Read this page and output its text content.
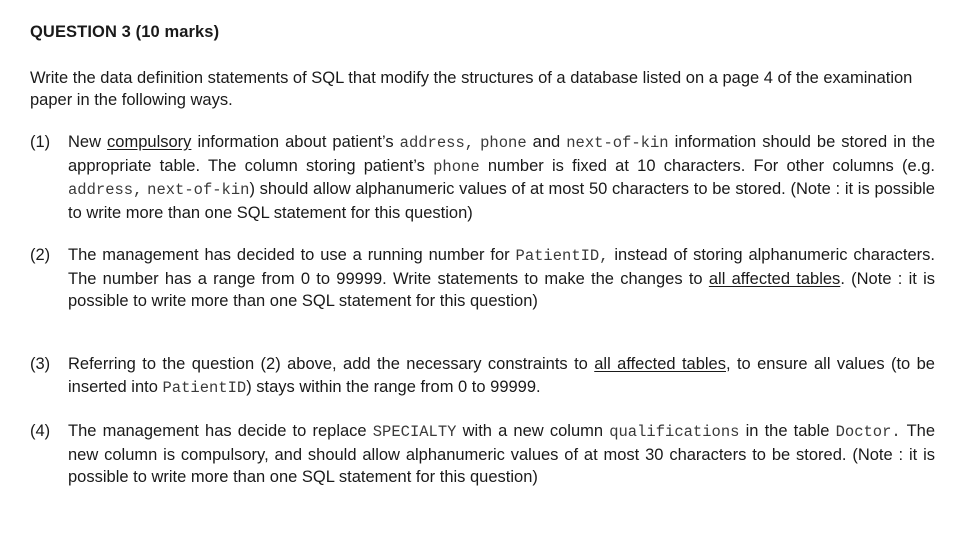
QUESTION 3 (10 marks)
Write the data definition statements of SQL that modify the structures of a database listed on a page 4 of the examination paper in the following ways.
(1)	New compulsory information about patient’s address, phone and next-of-kin information should be stored in the appropriate table. The column storing patient’s phone number is fixed at 10 characters. For other columns (e.g. address, next-of-kin) should allow alphanumeric values of at most 50 characters to be stored. (Note : it is possible to write more than one SQL statement for this question)
(2)	The management has decided to use a running number for PatientID, instead of storing alphanumeric characters. The number has a range from 0 to 99999. Write statements to make the changes to all affected tables. (Note : it is possible to write more than one SQL statement for this question)
(3)	Referring to the question (2) above, add the necessary constraints to all affected tables, to ensure all values (to be inserted into PatientID) stays within the range from 0 to 99999.
(4)	The management has decide to replace SPECIALTY with a new column qualifications in the table Doctor. The new column is compulsory, and should allow alphanumeric values of at most 30 characters to be stored. (Note : it is possible to write more than one SQL statement for this question)
